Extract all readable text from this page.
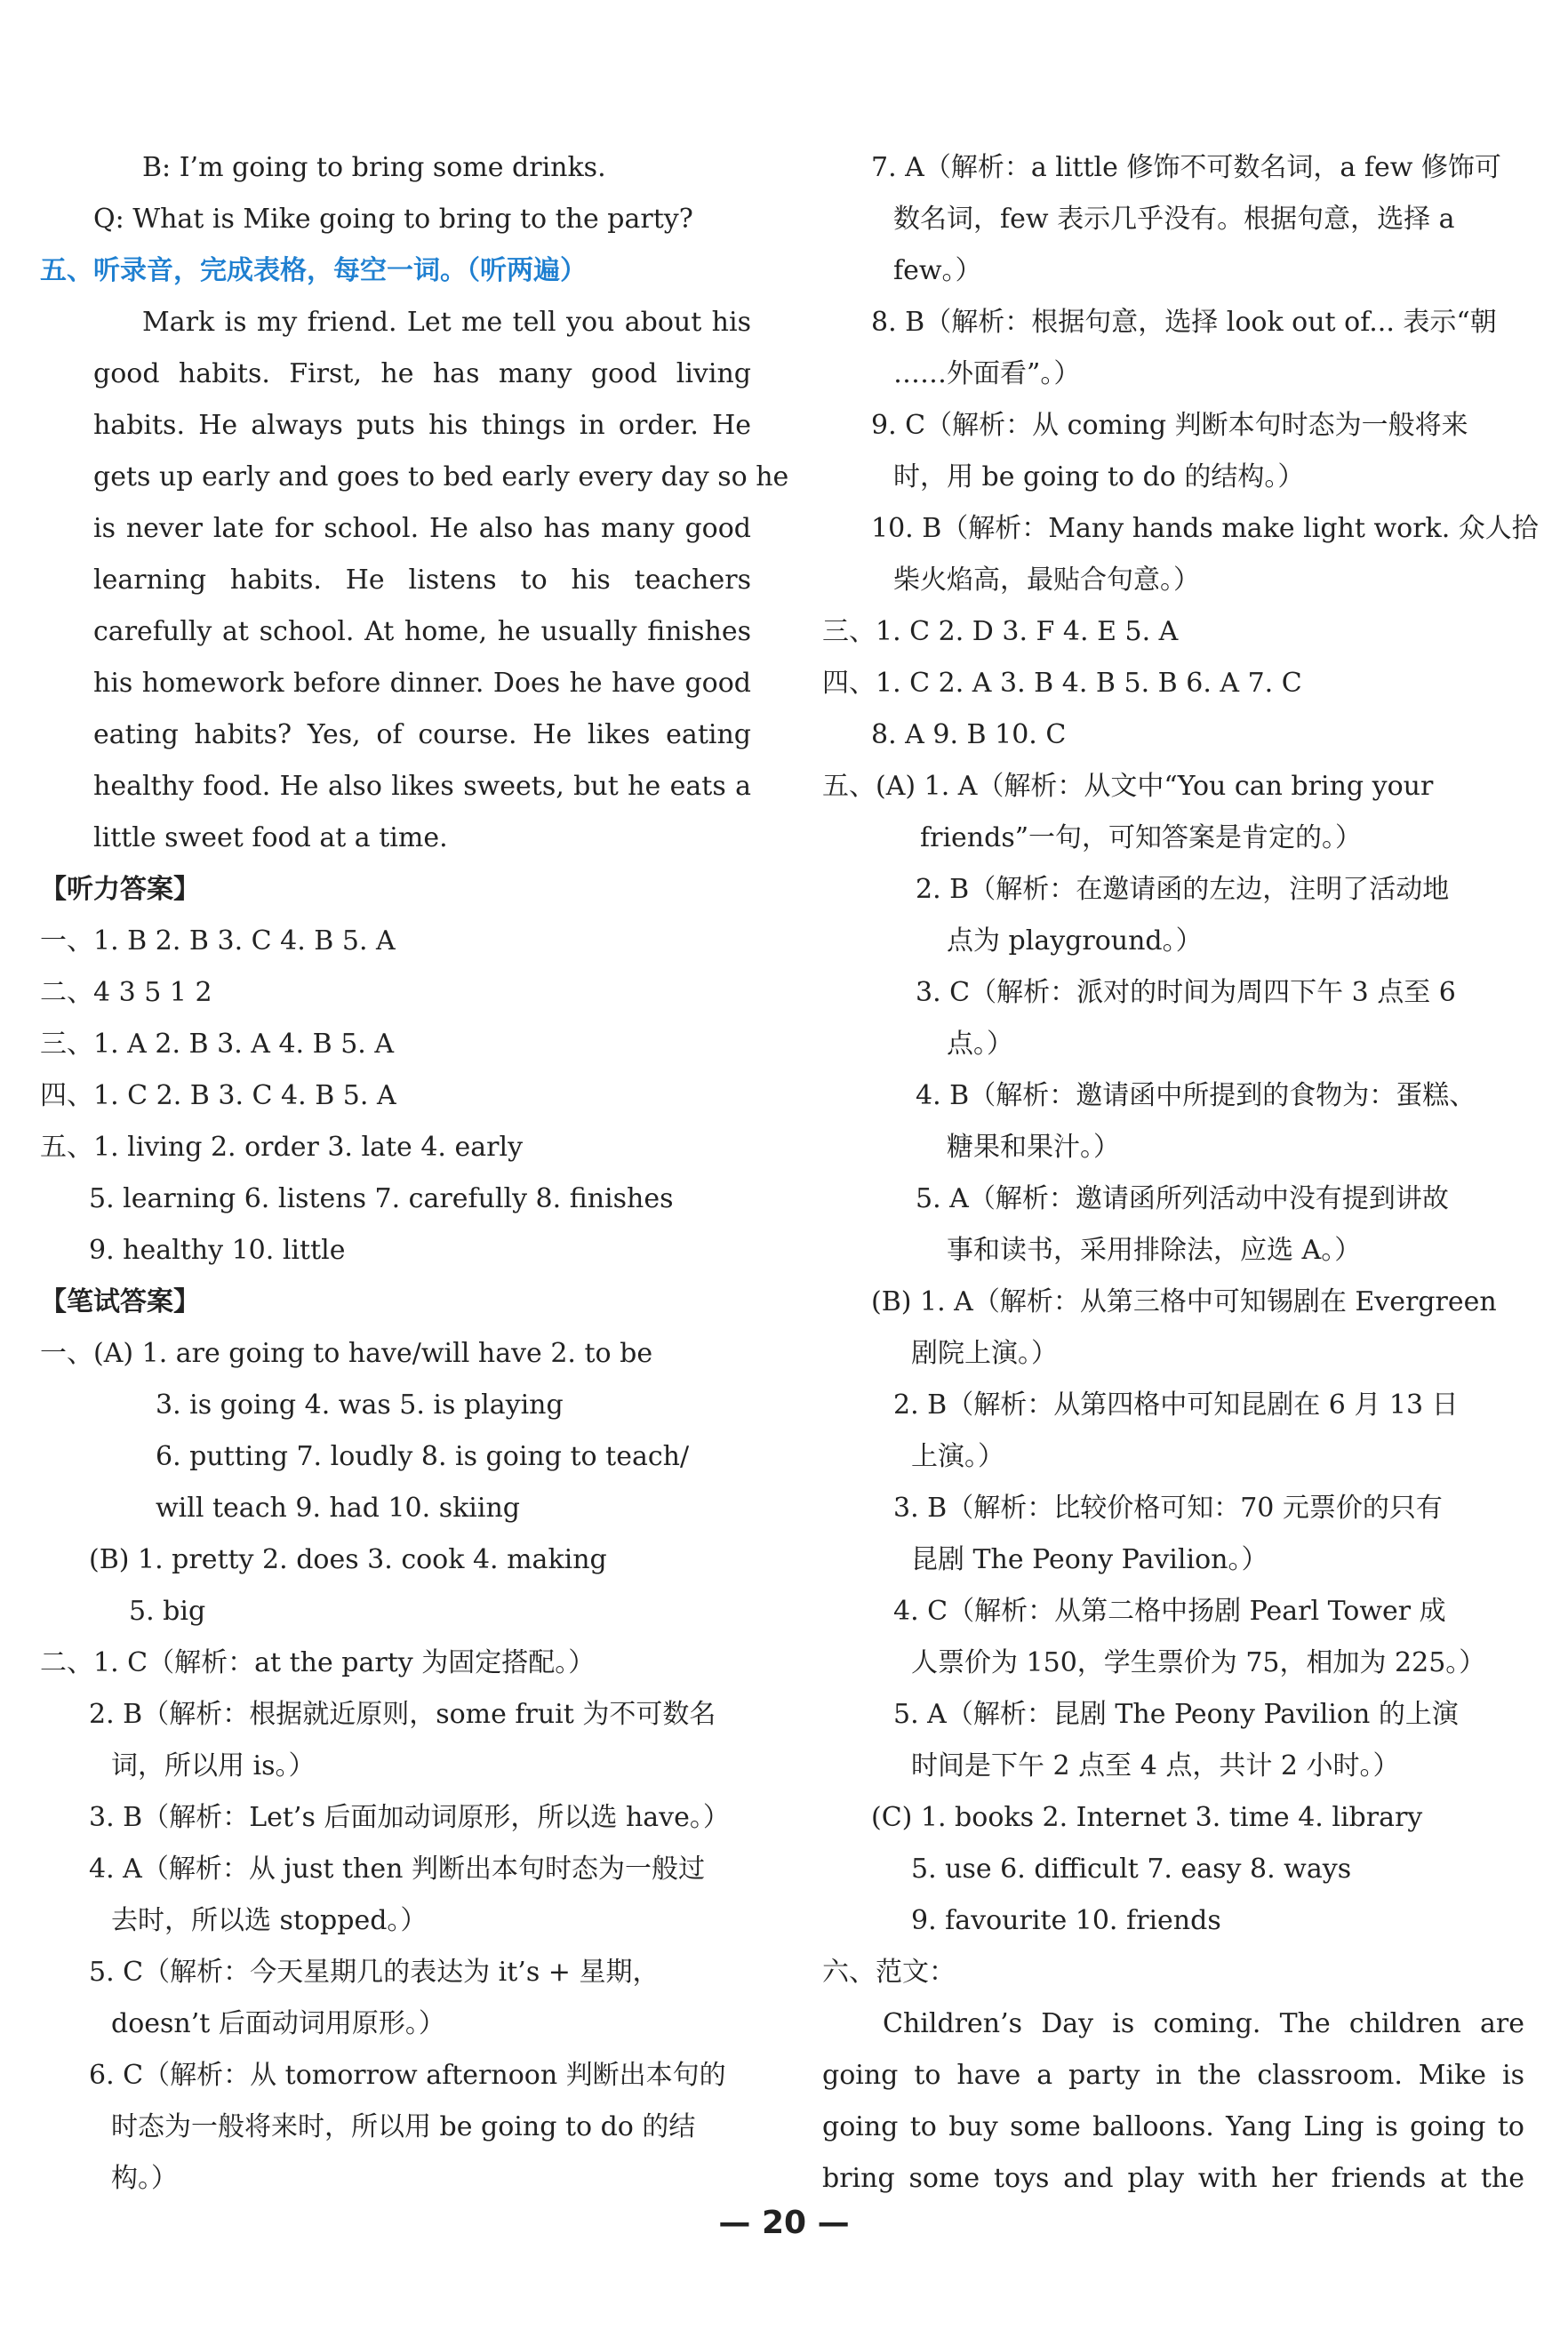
B: I’m going to bring some drinks.
Q: What is Mike going to bring to the party?
五、听录音，完成表格，每空一词。（听两遍）
Mark is my friend. Let me tell you about his
good habits. First, he has many good living
habits. He always puts his things in order. He
gets up early and goes to bed early every day so he
is never late for school. He also has many good
learning habits. He listens to his teachers
carefully at school. At home, he usually finishes
his homework before dinner. Does he have good
eating habits? Yes, of course. He likes eating
healthy food. He also likes sweets, but he eats a
little sweet food at a time.
【听力答案】
一、1. B 2. B 3. C 4. B 5. A
二、4 3 5 1 2
三、1. A 2. B 3. A 4. B 5. A
四、1. C 2. B 3. C 4. B 5. A
五、1. living 2. order 3. late 4. early
5. learning 6. listens 7. carefully 8. finishes
9. healthy 10. little
【笔试答案】
一、(A) 1. are going to have/will have 2. to be
3. is going 4. was 5. is playing
6. putting 7. loudly 8. is going to teach/
will teach 9. had 10. skiing
(B) 1. pretty 2. does 3. cook 4. making
5. big
二、1. C（解析：at the party 为固定搭配。）
2. B（解析：根据就近原则，some fruit 为不可数名
词，所以用 is。）
3. B（解析：Let’s 后面加动词原形，所以选 have。）
4. A（解析：从 just then 判断出本句时态为一般过
去时，所以选 stopped。）
5. C（解析：今天星期几的表达为 it’s + 星期，
doesn’t 后面动词用原形。）
6. C（解析：从 tomorrow afternoon 判断出本句的
时态为一般将来时，所以用 be going to do 的结
构。）
7. A（解析：a little 修饰不可数名词，a few 修饰可
数名词，few 表示几乎没有。根据句意，选择 a
few。）
8. B（解析：根据句意，选择 look out of... 表示“朝
……外面看”。）
9. C（解析：从 coming 判断本句时态为一般将来
时，用 be going to do 的结构。）
10. B（解析：Many hands make light work. 众人拾
柴火焰高，最贴合句意。）
三、1. C 2. D 3. F 4. E 5. A
四、1. C 2. A 3. B 4. B 5. B 6. A 7. C
8. A 9. B 10. C
五、(A) 1. A（解析：从文中“You can bring your
friends”一句，可知答案是肯定的。）
2. B（解析：在邀请函的左边，注明了活动地
点为 playground。）
3. C（解析：派对的时间为周四下午 3 点至 6
点。）
4. B（解析：邀请函中所提到的食物为：蛋糕、
糖果和果汁。）
5. A（解析：邀请函所列活动中没有提到讲故
事和读书，采用排除法，应选 A。）
(B) 1. A（解析：从第三格中可知锡剧在 Evergreen
剧院上演。）
2. B（解析：从第四格中可知昆剧在 6 月 13 日
上演。）
3. B（解析：比较价格可知：70 元票价的只有
昆剧 The Peony Pavilion。）
4. C（解析：从第二格中扬剧 Pearl Tower 成
人票价为 150，学生票价为 75，相加为 225。）
5. A（解析：昆剧 The Peony Pavilion 的上演
时间是下午 2 点至 4 点，共计 2 小时。）
(C) 1. books 2. Internet 3. time 4. library
5. use 6. difficult 7. easy 8. ways
9. favourite 10. friends
六、范文：
Children’s Day is coming. The children are
going to have a party in the classroom. Mike is
going to buy some balloons. Yang Ling is going to
bring some toys and play with her friends at the
— 20 —
